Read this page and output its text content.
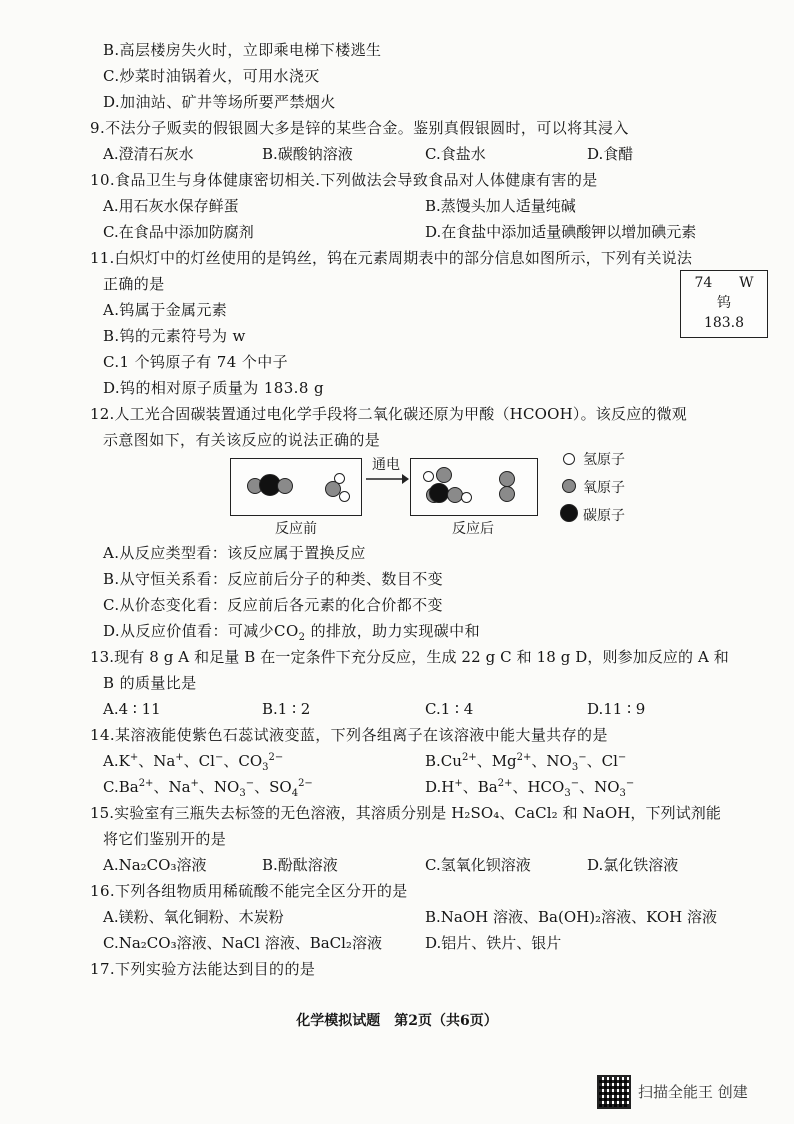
B.高层楼房失火时，立即乘电梯下楼逃生
C.炒菜时油锅着火，可用水浇灭
D.加油站、矿井等场所要严禁烟火
9.不法分子贩卖的假银圆大多是锌的某些合金。鉴别真假银圆时，可以将其浸入
A.澄清石灰水	B.碳酸钠溶液	C.食盐水	D.食醋
10.食品卫生与身体健康密切相关.下列做法会导致食品对人体健康有害的是
A.用石灰水保存鲜蛋	B.蒸馒头加人适量纯碱
C.在食品中添加防腐剂	D.在食盐中添加适量碘酸钾以增加碘元素
11.白炽灯中的灯丝使用的是钨丝，钨在元素周期表中的部分信息如图所示，下列有关说法
正确的是
A.钨属于金属元素
B.钨的元素符号为 w
C.1 个钨原子有 74 个中子
D.钨的相对原子质量为 183.8 g
74 W
钨
183.8
12.人工光合固碳装置通过电化学手段将二氧化碳还原为甲酸（HCOOH）。该反应的微观
示意图如下，有关该反应的说法正确的是
反应前
通电
反应后
氢原子
氧原子
碳原子
A.从反应类型看：该反应属于置换反应
B.从守恒关系看：反应前后分子的种类、数目不变
C.从价态变化看：反应前后各元素的化合价都不变
D.从反应价值看：可减少$CO_2$ 的排放，助力实现碳中和
13.现有 8 g A 和足量 B 在一定条件下充分反应，生成 22 g C 和 18 g D，则参加反应的 A 和
B 的质量比是
A.4 ∶ 11	B.1 ∶ 2	C.1 ∶ 4	D.11 ∶ 9
14.某溶液能使紫色石蕊试液变蓝，下列各组离子在该溶液中能大量共存的是
A.K+、Na+、Cl−、$CO_3^{2-}$	$B.Cu^{2+}$、$Mg^{2+}$、$NO_3^-$、Cl−
$C.Ba^{2+}$、Na+、$NO_3^-$、$SO_4^{2-}$	D.H+、$Ba^{2+}$、$HCO_3^-$、$NO_3^-$
15.实验室有三瓶失去标签的无色溶液，其溶质分别是 H₂SO₄、CaCl₂ 和 NaOH，下列试剂能
将它们鉴别开的是
A.Na₂CO₃溶液	B.酚酞溶液	C.氢氧化钡溶液	D.氯化铁溶液
16.下列各组物质用稀硫酸不能完全区分开的是
A.镁粉、氧化铜粉、木炭粉	B.NaOH 溶液、Ba(OH)₂溶液、KOH 溶液
C.Na₂CO₃溶液、NaCl 溶液、BaCl₂溶液	D.铝片、铁片、银片
17.下列实验方法能达到目的的是
化学模拟试题　第2页（共6页）
扫描全能王 创建
